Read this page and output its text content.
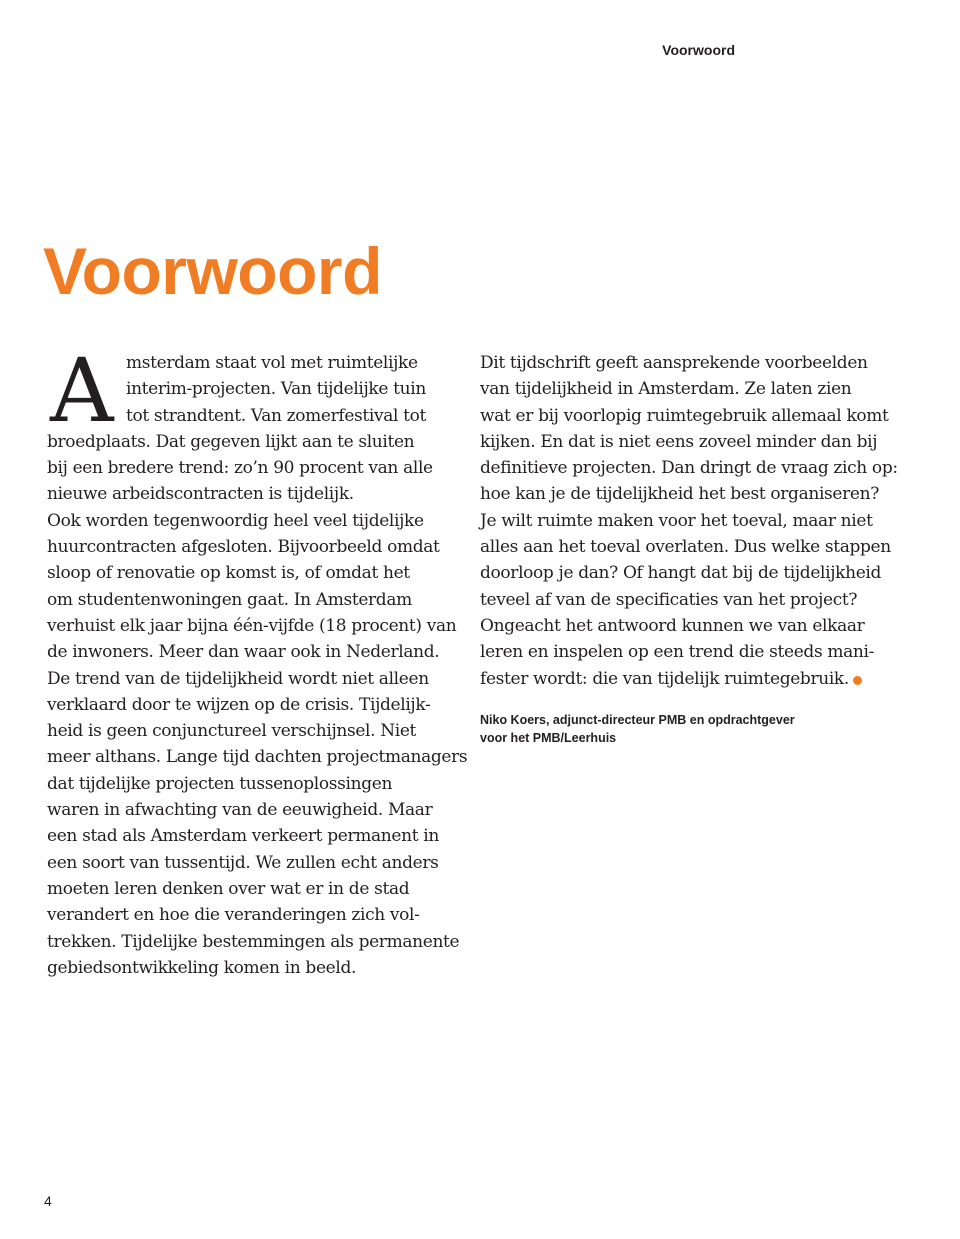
Voorwoord
Voorwoord
A msterdam staat vol met ruimtelijke
interim-projecten. Van tijdelijke tuin
tot strandtent. Van zomerfestival tot
broedplaats. Dat gegeven lijkt aan te sluiten
bij een bredere trend: zo’n 90 procent van alle
nieuwe arbeidscontracten is tijdelijk.
Ook worden tegenwoordig heel veel tijdelijke
huurcontracten afgesloten. Bijvoorbeeld omdat
sloop of renovatie op komst is, of omdat het
om studentenwoningen gaat. In Amsterdam
verhuist elk jaar bijna één-vijfde (18 procent) van
de inwoners. Meer dan waar ook in Nederland.
De trend van de tijdelijkheid wordt niet alleen
verklaard door te wijzen op de crisis. Tijdelijk-
heid is geen conjunctureel verschijnsel. Niet
meer althans. Lange tijd dachten projectmanagers
dat tijdelijke projecten tussenoplossingen
waren in afwachting van de eeuwigheid. Maar
een stad als Amsterdam verkeert permanent in
een soort van tussentijd. We zullen echt anders
moeten leren denken over wat er in de stad
verandert en hoe die veranderingen zich vol-
trekken. Tijdelijke bestemmingen als permanente
gebiedsontwikkeling komen in beeld.
Dit tijdschrift geeft aansprekende voorbeelden
van tijdelijkheid in Amsterdam. Ze laten zien
wat er bij voorlopig ruimtegebruik allemaal komt
kijken. En dat is niet eens zoveel minder dan bij
definitieve projecten. Dan dringt de vraag zich op:
hoe kan je de tijdelijkheid het best organiseren?
Je wilt ruimte maken voor het toeval, maar niet
alles aan het toeval overlaten. Dus welke stappen
doorloop je dan? Of hangt dat bij de tijdelijkheid
teveel af van de specificaties van het project?
Ongeacht het antwoord kunnen we van elkaar
leren en inspelen op een trend die steeds mani-
fester wordt: die van tijdelijk ruimtegebruik.
Niko Koers, adjunct-directeur PMB en opdrachtgever
voor het PMB/Leerhuis
4
